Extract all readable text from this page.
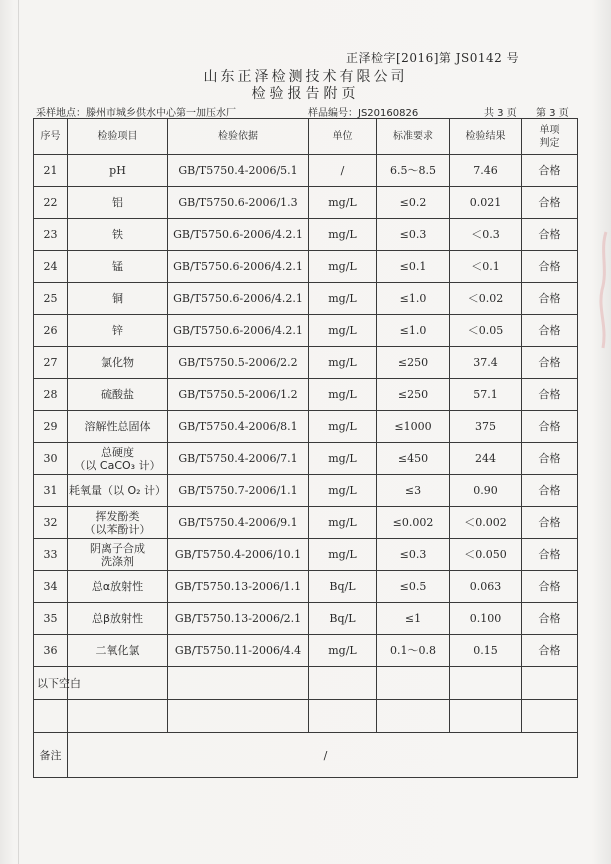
正泽检字[2016]第 JS0142 号
山东正泽检测技术有限公司
检验报告附页
采样地点：滕州市城乡供水中心第一加压水厂	样品编号：JS20160826	共 3 页 第 3 页
序号	检验项目	检验依据	单位	标准要求	检验结果	单项
判定

21	pH	GB/T5750.4-2006/5.1	/	6.5～8.5	7.46	合格
22	铝	GB/T5750.6-2006/1.3	mg/L	≤0.2	0.021	合格
23	铁	GB/T5750.6-2006/4.2.1	mg/L	≤0.3	＜0.3	合格
24	锰	GB/T5750.6-2006/4.2.1	mg/L	≤0.1	＜0.1	合格
25	铜	GB/T5750.6-2006/4.2.1	mg/L	≤1.0	＜0.02	合格
26	锌	GB/T5750.6-2006/4.2.1	mg/L	≤1.0	＜0.05	合格
27	氯化物	GB/T5750.5-2006/2.2	mg/L	≤250	37.4	合格
28	硫酸盐	GB/T5750.5-2006/1.2	mg/L	≤250	57.1	合格
29	溶解性总固体	GB/T5750.4-2006/8.1	mg/L	≤1000	375	合格
30	总硬度
（以 CaCO₃ 计）	GB/T5750.4-2006/7.1	mg/L	≤450	244	合格
31	耗氧量（以 O₂ 计）	GB/T5750.7-2006/1.1	mg/L	≤3	0.90	合格
32	挥发酚类
（以苯酚计）	GB/T5750.4-2006/9.1	mg/L	≤0.002	＜0.002	合格
33	阴离子合成
洗涤剂	GB/T5750.4-2006/10.1	mg/L	≤0.3	＜0.050	合格
34	总α放射性	GB/T5750.13-2006/1.1	Bq/L	≤0.5	0.063	合格
35	总β放射性	GB/T5750.13-2006/2.1	Bq/L	≤1	0.100	合格
36	二氧化氯	GB/T5750.11-2006/4.4	mg/L	0.1～0.8	0.15	合格
以下空白						

备注	/					
